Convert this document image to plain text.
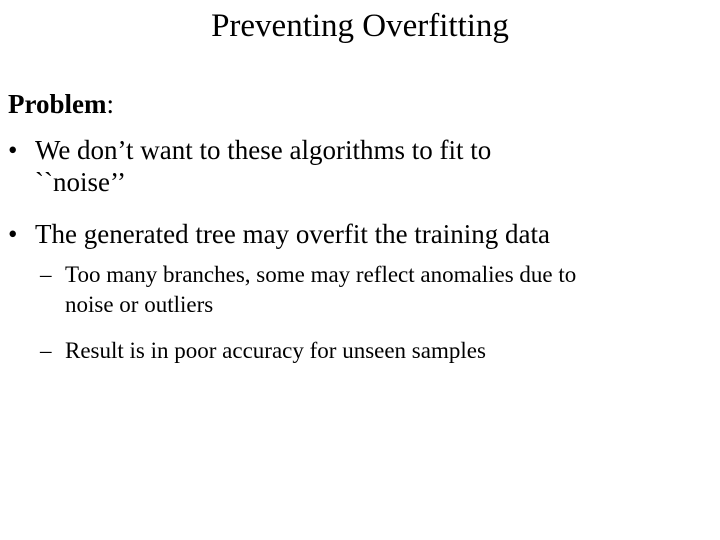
Preventing Overfitting
Problem:
• We don’t want to these algorithms to fit to
``noise’’
• The generated tree may overfit the training data
– Too many branches, some may reflect anomalies due to
noise or outliers
– Result is in poor accuracy for unseen samples
